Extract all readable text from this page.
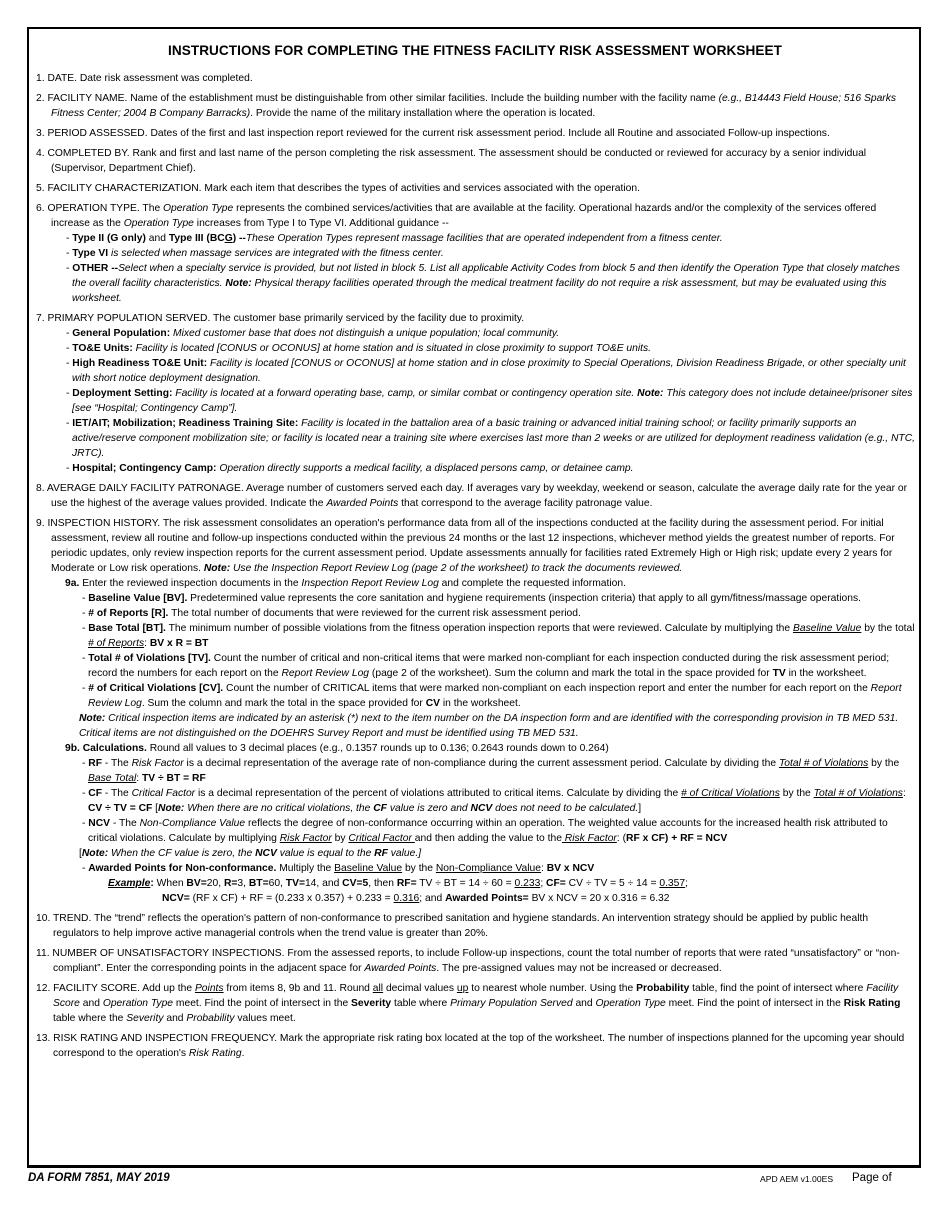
INSTRUCTIONS FOR COMPLETING THE FITNESS FACILITY RISK ASSESSMENT WORKSHEET
1. DATE. Date risk assessment was completed.
2. FACILITY NAME. Name of the establishment must be distinguishable from other similar facilities. Include the building number with the facility name (e.g., B14443 Field House; 516 Sparks Fitness Center; 2004 B Company Barracks). Provide the name of the military installation where the operation is located.
3. PERIOD ASSESSED. Dates of the first and last inspection report reviewed for the current risk assessment period. Include all Routine and associated Follow-up inspections.
4. COMPLETED BY. Rank and first and last name of the person completing the risk assessment. The assessment should be conducted or reviewed for accuracy by a senior individual (Supervisor, Department Chief).
5. FACILITY CHARACTERIZATION. Mark each item that describes the types of activities and services associated with the operation.
6. OPERATION TYPE. The Operation Type represents the combined services/activities that are available at the facility. Operational hazards and/or the complexity of the services offered increase as the Operation Type increases from Type I to Type VI. Additional guidance --
- Type II (G only) and Type III (BCG) --These Operation Types represent massage facilities that are operated independent from a fitness center.
- Type VI is selected when massage services are integrated with the fitness center.
- OTHER --Select when a specialty service is provided, but not listed in block 5. List all applicable Activity Codes from block 5 and then identify the Operation Type that closely matches the overall facility characteristics. Note: Physical therapy facilities operated through the medical treatment facility do not require a risk assessment, but may be evaluated using this worksheet.
7. PRIMARY POPULATION SERVED. The customer base primarily serviced by the facility due to proximity.
- General Population: Mixed customer base that does not distinguish a unique population; local community.
- TO&E Units: Facility is located [CONUS or OCONUS] at home station and is situated in close proximity to support TO&E units.
- High Readiness TO&E Unit: Facility is located [CONUS or OCONUS] at home station and in close proximity to Special Operations, Division Readiness Brigade, or other specialty unit with short notice deployment designation.
- Deployment Setting: Facility is located at a forward operating base, camp, or similar combat or contingency operation site. Note: This category does not include detainee/prisoner sites [see “Hospital; Contingency Camp”].
- IET/AIT; Mobilization; Readiness Training Site: Facility is located in the battalion area of a basic training or advanced initial training school; or facility primarily supports an active/reserve component mobilization site; or facility is located near a training site where exercises last more than 2 weeks or are utilized for deployment readiness validation (e.g., NTC, JRTC).
- Hospital; Contingency Camp: Operation directly supports a medical facility, a displaced persons camp, or detainee camp.
8. AVERAGE DAILY FACILITY PATRONAGE. Average number of customers served each day. If averages vary by weekday, weekend or season, calculate the average daily rate for the year or use the highest of the average values provided. Indicate the Awarded Points that correspond to the average facility patronage value.
9. INSPECTION HISTORY. The risk assessment consolidates an operation's performance data from all of the inspections conducted at the facility during the assessment period. For initial assessment, review all routine and follow-up inspections conducted within the previous 24 months or the last 12 inspections, whichever method yields the greatest number of reports. For periodic updates, only review inspection reports for the current assessment period. Update assessments annually for facilities rated Extremely High or High risk; update every 2 years for Moderate or Low risk operations. Note: Use the Inspection Report Review Log (page 2 of the worksheet) to track the documents reviewed.
9a. Enter the reviewed inspection documents in the Inspection Report Review Log and complete the requested information.
- Baseline Value [BV]. Predetermined value represents the core sanitation and hygiene requirements (inspection criteria) that apply to all gym/fitness/massage operations.
- # of Reports [R]. The total number of documents that were reviewed for the current risk assessment period.
- Base Total [BT]. The minimum number of possible violations from the fitness operation inspection reports that were reviewed. Calculate by multiplying the Baseline Value by the total # of Reports: BV x R = BT
- Total # of Violations [TV]. Count the number of critical and non-critical items that were marked non-compliant for each inspection conducted during the risk assessment period; record the numbers for each report on the Report Review Log (page 2 of the worksheet). Sum the column and mark the total in the space provided for TV in the worksheet.
- # of Critical Violations [CV]. Count the number of CRITICAL items that were marked non-compliant on each inspection report and enter the number for each report on the Report Review Log. Sum the column and mark the total in the space provided for CV in the worksheet.
Note: Critical inspection items are indicated by an asterisk (*) next to the item number on the DA inspection form and are identified with the corresponding provision in TB MED 531. Critical items are not distinguished on the DOEHRS Survey Report and must be identified using TB MED 531.
9b. Calculations. Round all values to 3 decimal places (e.g., 0.1357 rounds up to 0.136; 0.2643 rounds down to 0.264)
- RF - The Risk Factor is a decimal representation of the average rate of non-compliance during the current assessment period. Calculate by dividing the Total # of Violations by the Base Total: TV ÷ BT = RF
- CF - The Critical Factor is a decimal representation of the percent of violations attributed to critical items. Calculate by dividing the # of Critical Violations by the Total # of Violations: CV ÷ TV = CF [Note: When there are no critical violations, the CF value is zero and NCV does not need to be calculated.]
- NCV - The Non-Compliance Value reflects the degree of non-conformance occurring within an operation. The weighted value accounts for the increased health risk attributed to critical violations. Calculate by multiplying Risk Factor by Critical Factor and then adding the value to the Risk Factor: (RF x CF) + RF = NCV
[Note: When the CF value is zero, the NCV value is equal to the RF value.]
- Awarded Points for Non-conformance. Multiply the Baseline Value by the Non-Compliance Value: BV x NCV
Example: When BV=20, R=3, BT=60, TV=14, and CV=5, then RF= TV ÷ BT = 14 ÷ 60 = 0.233; CF= CV ÷ TV = 5 ÷ 14 = 0.357;
NCV= (RF x CF) + RF = (0.233 x 0.357) + 0.233 = 0.316; and Awarded Points= BV x NCV = 20 x 0.316 = 6.32
10. TREND. The “trend” reflects the operation's pattern of non-conformance to prescribed sanitation and hygiene standards. An intervention strategy should be applied by public health regulators to help improve active managerial controls when the trend value is greater than 20%.
11. NUMBER OF UNSATISFACTORY INSPECTIONS. From the assessed reports, to include Follow-up inspections, count the total number of reports that were rated “unsatisfactory” or “non-compliant”. Enter the corresponding points in the adjacent space for Awarded Points. The pre-assigned values may not be increased or decreased.
12. FACILITY SCORE. Add up the Points from items 8, 9b and 11. Round all decimal values up to nearest whole number. Using the Probability table, find the point of intersect where Facility Score and Operation Type meet. Find the point of intersect in the Severity table where Primary Population Served and Operation Type meet. Find the point of intersect in the Risk Rating table where the Severity and Probability values meet.
13. RISK RATING AND INSPECTION FREQUENCY. Mark the appropriate risk rating box located at the top of the worksheet. The number of inspections planned for the upcoming year should correspond to the operation's Risk Rating.
DA FORM 7851, MAY 2019	APD AEM v1.00ES Page of
